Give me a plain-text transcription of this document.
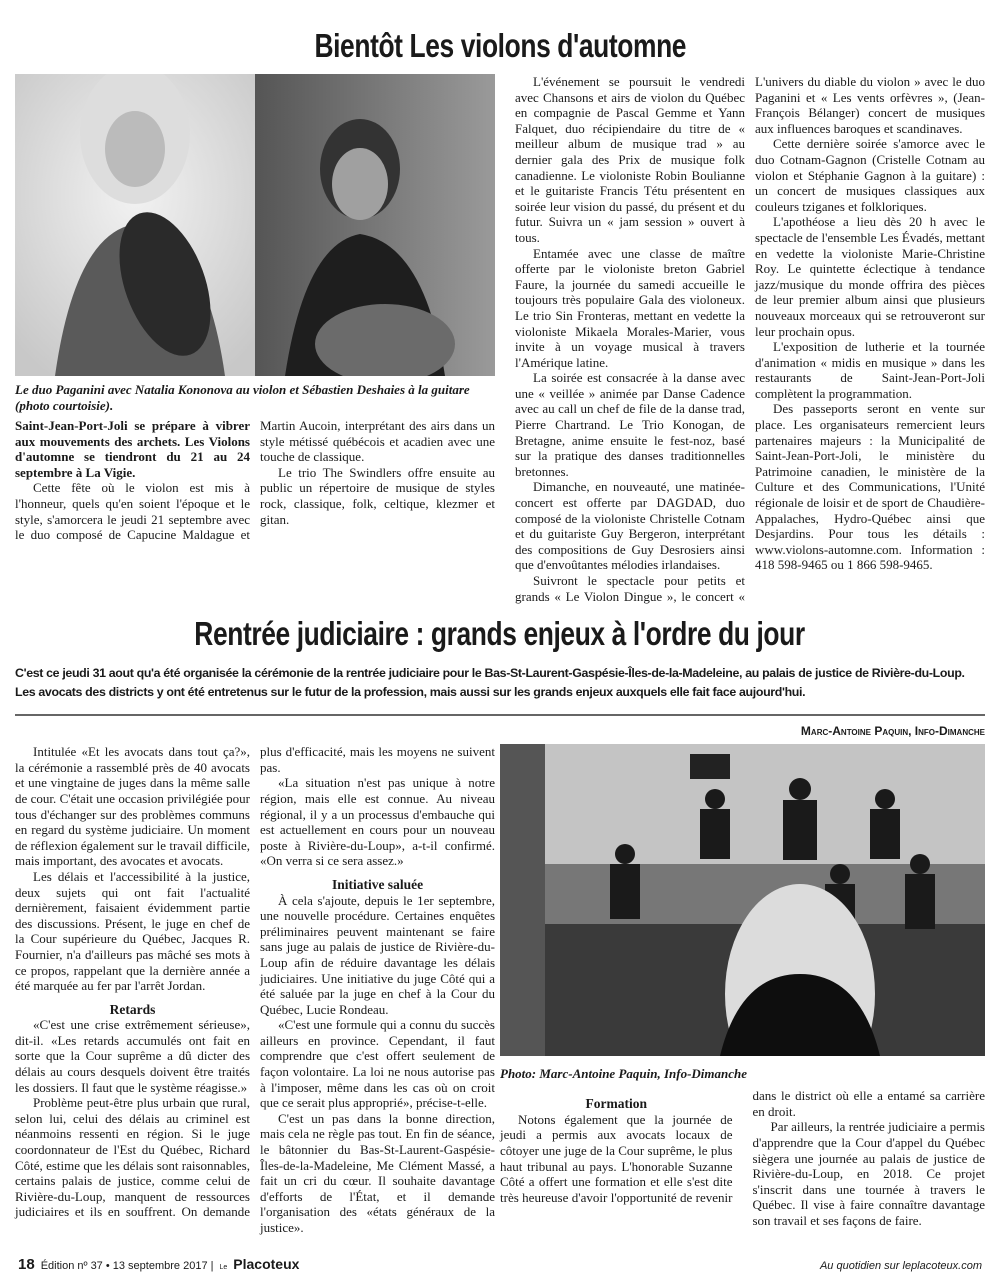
Bientôt Les violons d'automne
Le duo Paganini avec Natalia Kononova au violon et Sébastien Deshaies à la guitare (photo courtoisie).

Saint-Jean-Port-Joli se prépare à vibrer aux mouvements des archets. Les Violons d'automne se tiendront du 21 au 24 septembre à La Vigie.

Cette fête où le violon est mis à l'honneur, quels qu'en soient l'époque et le style, s'amorcera le jeudi 21 septembre avec le duo composé de Capucine Maldague et Martin Aucoin, interprétant des airs dans un style métissé québécois et acadien avec une touche de classique.

Le trio The Swindlers offre ensuite au public un répertoire de musique de styles rock, classique, folk, celtique, klezmer et gitan.

L'événement se poursuit le vendredi avec Chansons et airs de violon du Québec en compagnie de Pascal Gemme et Yann Falquet, duo récipiendaire du titre de « meilleur album de musique trad » au dernier gala des Prix de musique folk canadienne. Le violoniste Robin Boulianne et le guitariste Francis Tétu présentent en soirée leur vision du passé, du présent et du futur. Suivra un « jam session » ouvert à tous.

Entamée avec une classe de maître offerte par le violoniste breton Gabriel Faure, la journée du samedi accueille le toujours très populaire Gala des violoneux. Le trio Sin Fronteras, mettant en vedette la violoniste Mikaela Morales-Marier, vous invite à un voyage musical à travers l'Amérique latine.

La soirée est consacrée à la danse avec une « veillée » animée par Danse Cadence avec au call un chef de file de la danse trad, Pierre Chartrand. Le Trio Konogan, de Bretagne, anime ensuite le fest-noz, basé sur la pratique des danses traditionnelles bretonnes.

Dimanche, en nouveauté, une matinée-concert est offerte par DAGDAD, duo composé de la violoniste Christelle Cotnam et du guitariste Guy Bergeron, interprétant des compositions de Guy Desrosiers ainsi que d'envoûtantes mélodies irlandaises.

Suivront le spectacle pour petits et grands « Le Violon Dingue », le concert « L'univers du diable du violon » avec le duo Paganini et « Les vents orfèvres », (Jean-François Bélanger) concert de musiques aux influences baroques et scandinaves.

Cette dernière soirée s'amorce avec le duo Cotnam-Gagnon (Cristelle Cotnam au violon et Stéphanie Gagnon à la guitare) : un concert de musiques classiques aux couleurs tziganes et folkloriques.

L'apothéose a lieu dès 20 h avec le spectacle de l'ensemble Les Évadés, mettant en vedette la violoniste Marie-Christine Roy. Le quintette éclectique à tendance jazz/musique du monde offrira des pièces de leur premier album ainsi que plusieurs nouveaux morceaux qui se retrouveront sur leur prochain opus.

L'exposition de lutherie et la tournée d'animation « midis en musique » dans les restaurants de Saint-Jean-Port-Joli complètent la programmation.

Des passeports seront en vente sur place. Les organisateurs remercient leurs partenaires majeurs : la Municipalité de Saint-Jean-Port-Joli, le ministère du Patrimoine canadien, le ministère de la Culture et des Communications, l'Unité régionale de loisir et de sport de Chaudière-Appalaches, Hydro-Québec ainsi que Desjardins. Pour tous les détails : www.violons-automne.com. Information : 418 598-9465 ou 1 866 598-9465.

Rentrée judiciaire : grands enjeux à l'ordre du jour
C'est ce jeudi 31 aout qu'a été organisée la cérémonie de la rentrée judiciaire pour le Bas-St-Laurent-Gaspésie-Îles-de-la-Madeleine, au palais de justice de Rivière-du-Loup. Les avocats des districts y ont été entretenus sur le futur de la profession, mais aussi sur les grands enjeux auxquels elle fait face aujourd'hui.
Marc-Antoine Paquin, Info-Dimanche

Intitulée «Et les avocats dans tout ça?», la cérémonie a rassemblé près de 40 avocats et une vingtaine de juges dans la même salle de cour. C'était une occasion privilégiée pour tous d'échanger sur des problèmes communs en regard du système judiciaire. Un moment de réflexion également sur le travail difficile, mais important, des avocates et avocats.

Les délais et l'accessibilité à la justice, deux sujets qui ont fait l'actualité dernièrement, faisaient évidemment partie des discussions. Présent, le juge en chef de la Cour supérieure du Québec, Jacques R. Fournier, n'a d'ailleurs pas mâché ses mots à ce propos, rappelant que la dernière année a été marquée au fer par l'arrêt Jordan.

Retards

«C'est une crise extrêmement sérieuse», dit-il. «Les retards accumulés ont fait en sorte que la Cour suprême a dû dicter des délais au cours desquels doivent être traités les dossiers. Il faut que le système réagisse.»

Problème peut-être plus urbain que rural, selon lui, celui des délais au criminel est néanmoins ressenti en région. Si le juge coordonnateur de l'Est du Québec, Richard Côté, estime que les délais sont raisonnables, certains palais de justice, comme celui de Rivière-du-Loup, manquent de ressources judiciaires et ils en souffrent. On demande plus d'efficacité, mais les moyens ne suivent pas.

«La situation n'est pas unique à notre région, mais elle est connue. Au niveau régional, il y a un processus d'embauche qui est actuellement en cours pour un nouveau poste à Rivière-du-Loup», a-t-il confirmé. «On verra si ce sera assez.»

Initiative saluée

À cela s'ajoute, depuis le 1er septembre, une nouvelle procédure. Certaines enquêtes préliminaires peuvent maintenant se faire sans juge au palais de justice de Rivière-du-Loup afin de réduire davantage les délais judiciaires. Une initiative du juge Côté qui a été saluée par la juge en chef à la Cour du Québec, Lucie Rondeau.

«C'est une formule qui a connu du succès ailleurs en province. Cependant, il faut comprendre que c'est offert seulement de façon volontaire. La loi ne nous autorise pas à l'imposer, même dans les cas où on croit que ce serait plus approprié», précise-t-elle.

C'est un pas dans la bonne direction, mais cela ne règle pas tout. En fin de séance, le bâtonnier du Bas-St-Laurent-Gaspésie-Îles-de-la-Madeleine, Me Clément Massé, a fait un cri du cœur. Il souhaite davantage d'efforts de l'État, et il demande l'organisation des «états généraux de la justice».

Photo: Marc-Antoine Paquin, Info-Dimanche
Formation

Notons également que la journée de jeudi a permis aux avocats locaux de côtoyer une juge de la Cour suprême, le plus haut tribunal au pays. L'honorable Suzanne Côté a offert une formation et elle s'est dite très heureuse d'avoir l'opportunité de revenir dans le district où elle a entamé sa carrière en droit.

Par ailleurs, la rentrée judiciaire a permis d'apprendre que la Cour d'appel du Québec siègera une journée au palais de justice de Rivière-du-Loup, en 2018. Ce projet s'inscrit dans une tournée à travers le Québec. Il vise à faire connaître davantage son travail et ses façons de faire.

18 Édition nº 37 • 13 septembre 2017 | Le Placoteux	Au quotidien sur leplacoteux.com
